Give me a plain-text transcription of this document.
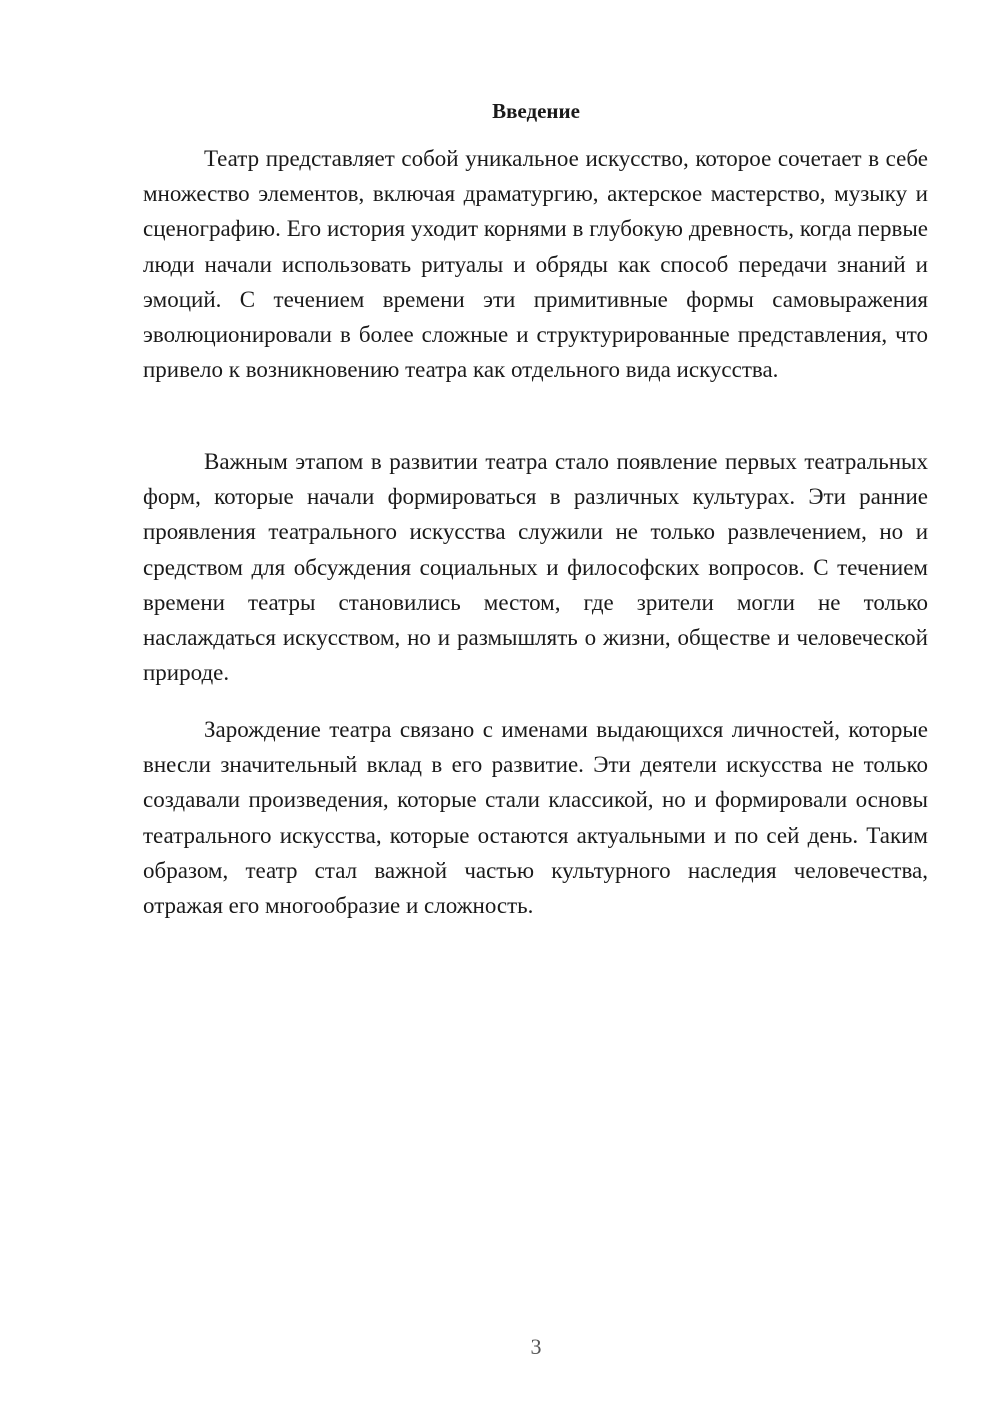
Введение

Театр представляет собой уникальное искусство, которое сочетает в себе множество элементов, включая драматургию, актерское мастерство, музыку и сценографию. Его история уходит корнями в глубокую древность, когда первые люди начали использовать ритуалы и обряды как способ передачи знаний и эмоций. С течением времени эти примитивные формы самовыражения эволюционировали в более сложные и структурированные представления, что привело к возникновению театра как отдельного вида искусства.

Важным этапом в развитии театра стало появление первых театральных форм, которые начали формироваться в различных культурах. Эти ранние проявления театрального искусства служили не только развлечением, но и средством для обсуждения социальных и философских вопросов. С течением времени театры становились местом, где зрители могли не только наслаждаться искусством, но и размышлять о жизни, обществе и человеческой природе.

Зарождение театра связано с именами выдающихся личностей, которые внесли значительный вклад в его развитие. Эти деятели искусства не только создавали произведения, которые стали классикой, но и формировали основы театрального искусства, которые остаются актуальными и по сей день. Таким образом, театр стал важной частью культурного наследия человечества, отражая его многообразие и сложность.

3
